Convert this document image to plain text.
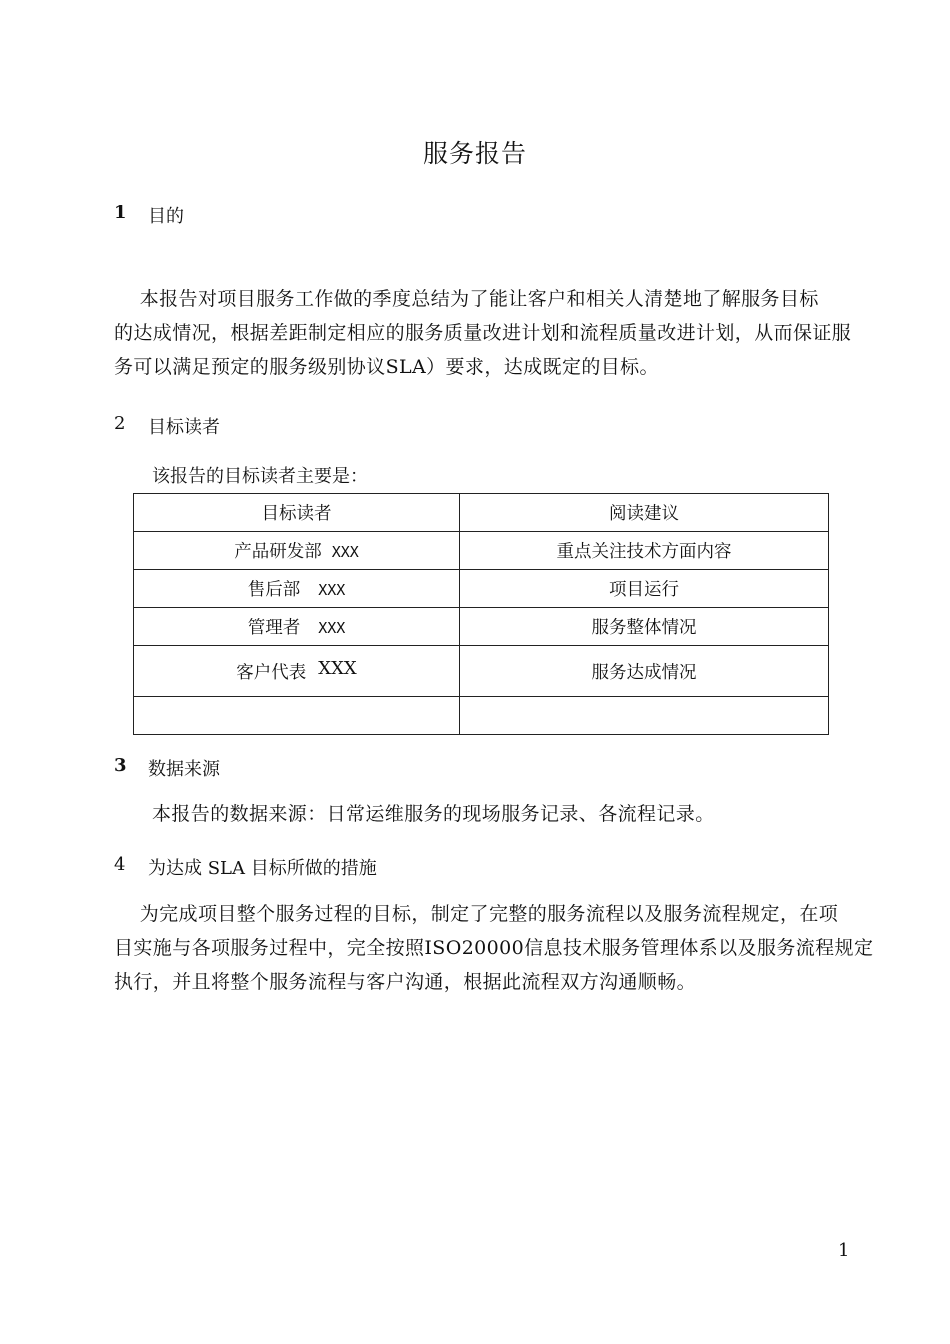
服务报告
1 目的
本报告对项目服务工作做的季度总结为了能让客户和相关人清楚地了解服务目标
的达成情况，根据差距制定相应的服务质量改进计划和流程质量改进计划，从而保证服
务可以满足预定的服务级别协议SLA）要求，达成既定的目标。
2 目标读者
该报告的目标读者主要是：
目标读者	阅读建议
产品研发部 XXX	重点关注技术方面内容
售后部 XXX	项目运行
管理者 XXX	服务整体情况
客户代表 XXX	服务达成情况

3 数据来源
本报告的数据来源：日常运维服务的现场服务记录、各流程记录。
4 为达成 SLA 目标所做的措施
为完成项目整个服务过程的目标，制定了完整的服务流程以及服务流程规定，在项
目实施与各项服务过程中，完全按照ISO20000信息技术服务管理体系以及服务流程规定
执行，并且将整个服务流程与客户沟通，根据此流程双方沟通顺畅。
1
